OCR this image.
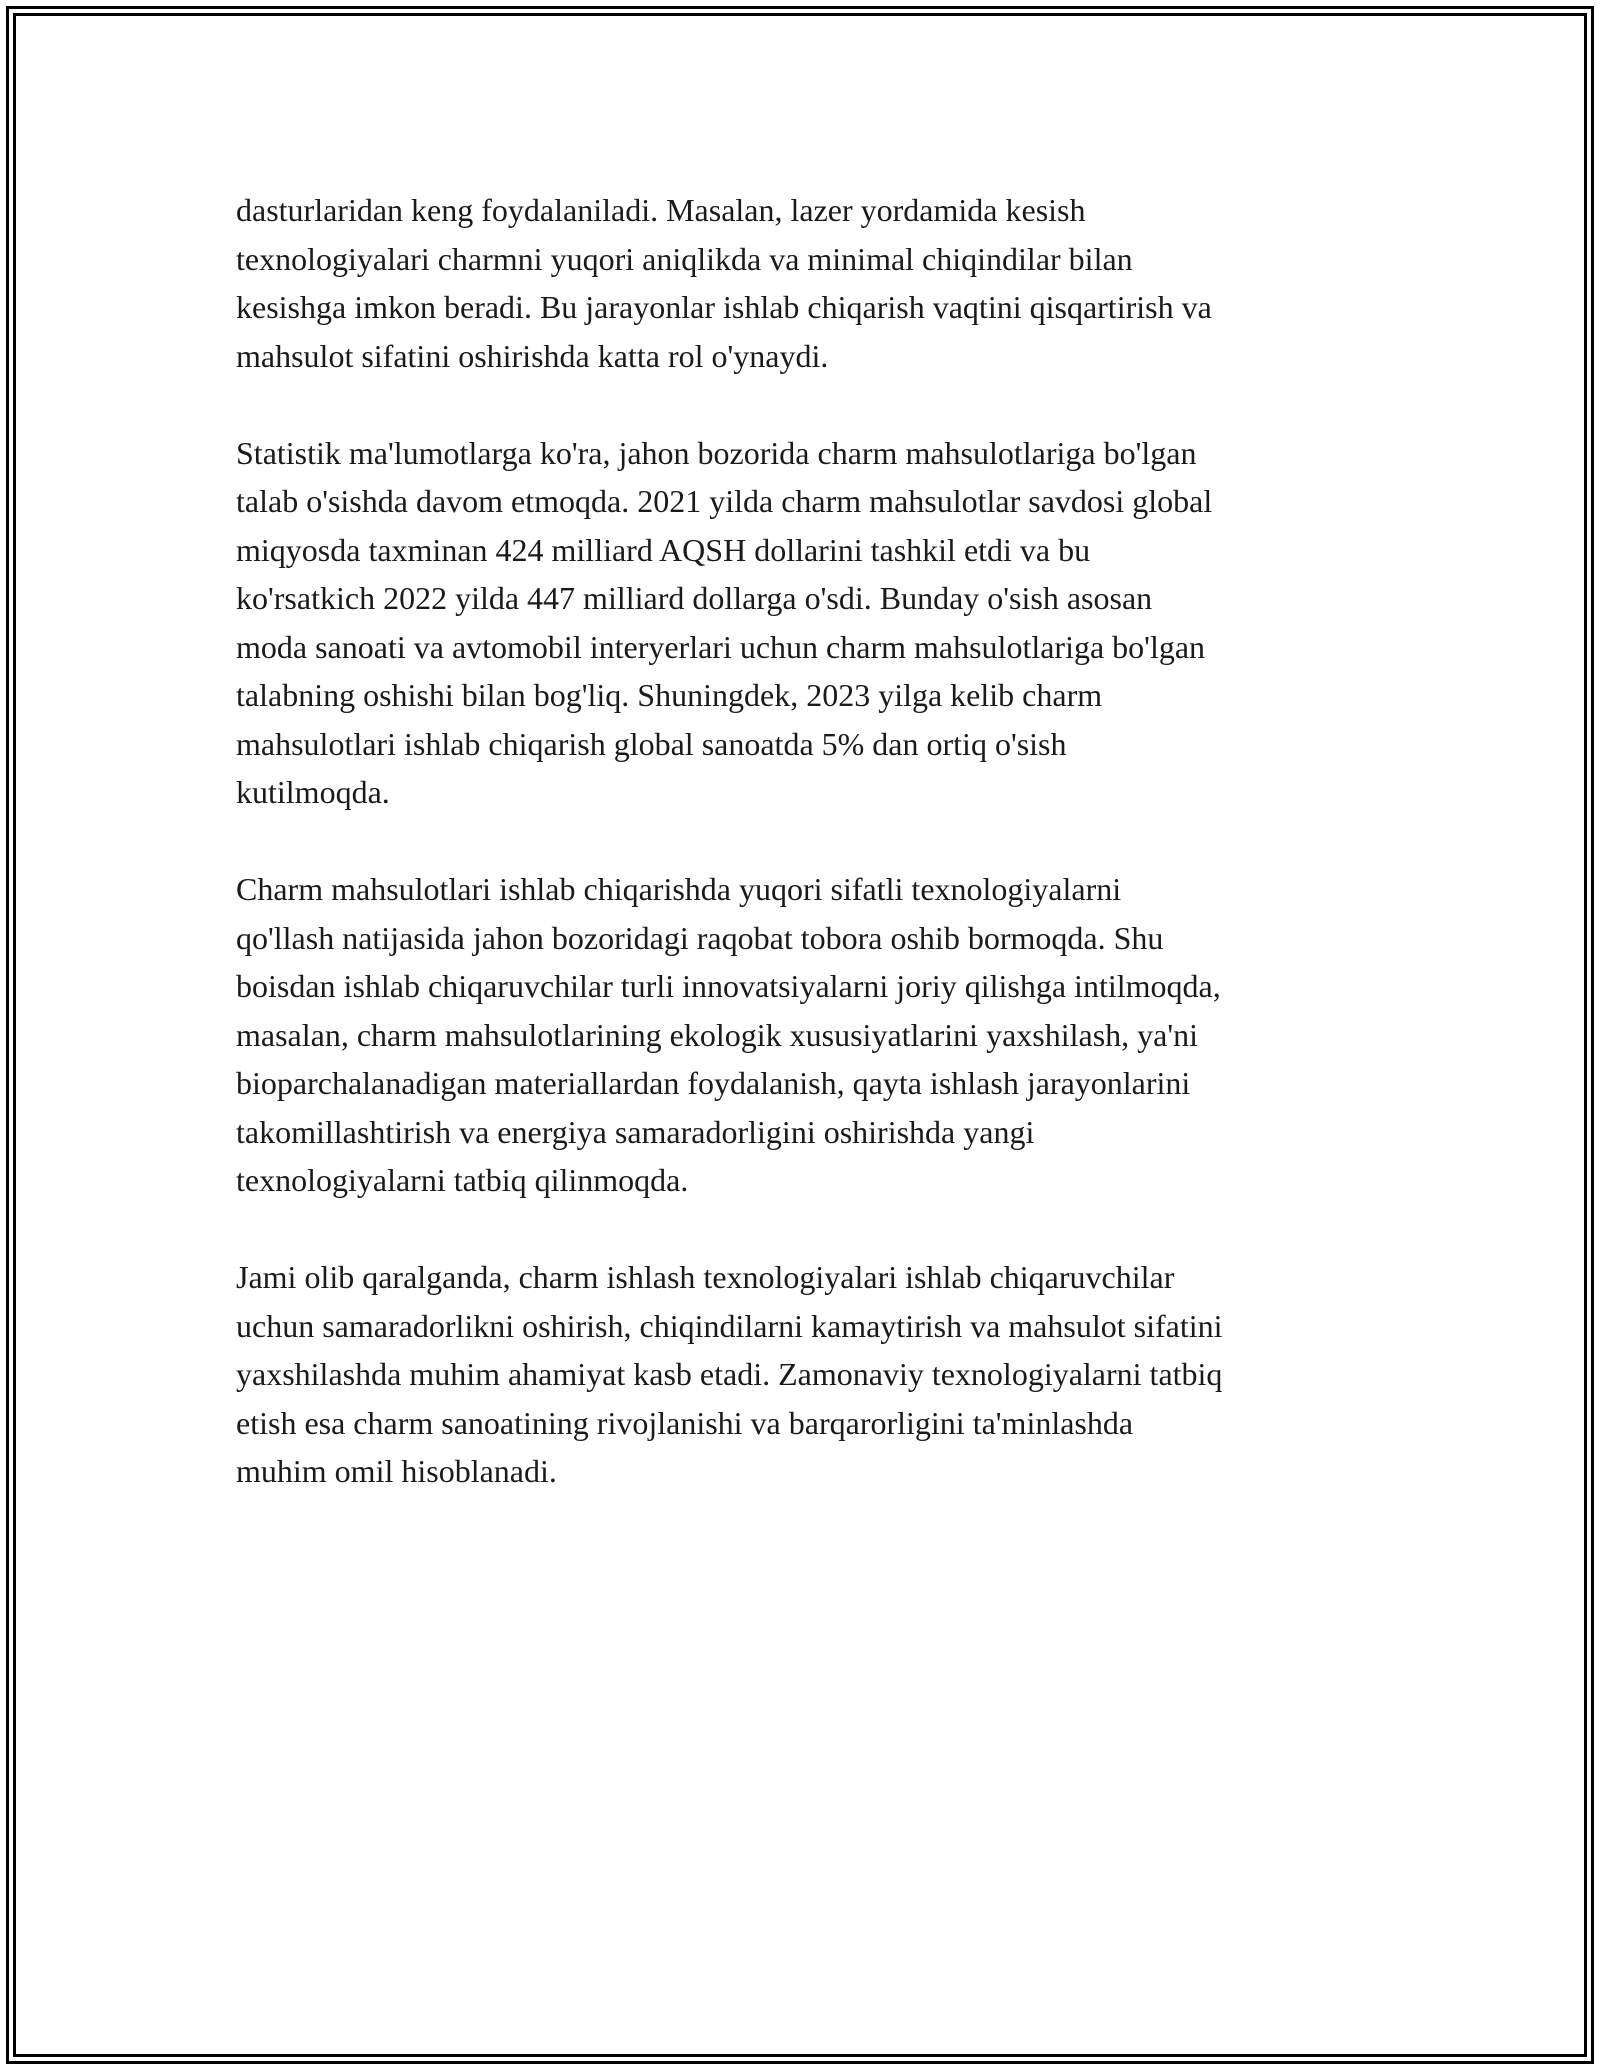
dasturlaridan keng foydalaniladi. Masalan, lazer yordamida kesish
texnologiyalari charmni yuqori aniqlikda va minimal chiqindilar bilan
kesishga imkon beradi. Bu jarayonlar ishlab chiqarish vaqtini qisqartirish va
mahsulot sifatini oshirishda katta rol o'ynaydi.

Statistik ma'lumotlarga ko'ra, jahon bozorida charm mahsulotlariga bo'lgan
talab o'sishda davom etmoqda. 2021 yilda charm mahsulotlar savdosi global
miqyosda taxminan 424 milliard AQSH dollarini tashkil etdi va bu
ko'rsatkich 2022 yilda 447 milliard dollarga o'sdi. Bunday o'sish asosan
moda sanoati va avtomobil interyerlari uchun charm mahsulotlariga bo'lgan
talabning oshishi bilan bog'liq. Shuningdek, 2023 yilga kelib charm
mahsulotlari ishlab chiqarish global sanoatda 5% dan ortiq o'sish
kutilmoqda.

Charm mahsulotlari ishlab chiqarishda yuqori sifatli texnologiyalarni
qo'llash natijasida jahon bozoridagi raqobat tobora oshib bormoqda. Shu
boisdan ishlab chiqaruvchilar turli innovatsiyalarni joriy qilishga intilmoqda,
masalan, charm mahsulotlarining ekologik xususiyatlarini yaxshilash, ya'ni
bioparchalanadigan materiallardan foydalanish, qayta ishlash jarayonlarini
takomillashtirish va energiya samaradorligini oshirishda yangi
texnologiyalarni tatbiq qilinmoqda.

Jami olib qaralganda, charm ishlash texnologiyalari ishlab chiqaruvchilar
uchun samaradorlikni oshirish, chiqindilarni kamaytirish va mahsulot sifatini
yaxshilashda muhim ahamiyat kasb etadi. Zamonaviy texnologiyalarni tatbiq
etish esa charm sanoatining rivojlanishi va barqarorligini ta'minlashda
muhim omil hisoblanadi.
